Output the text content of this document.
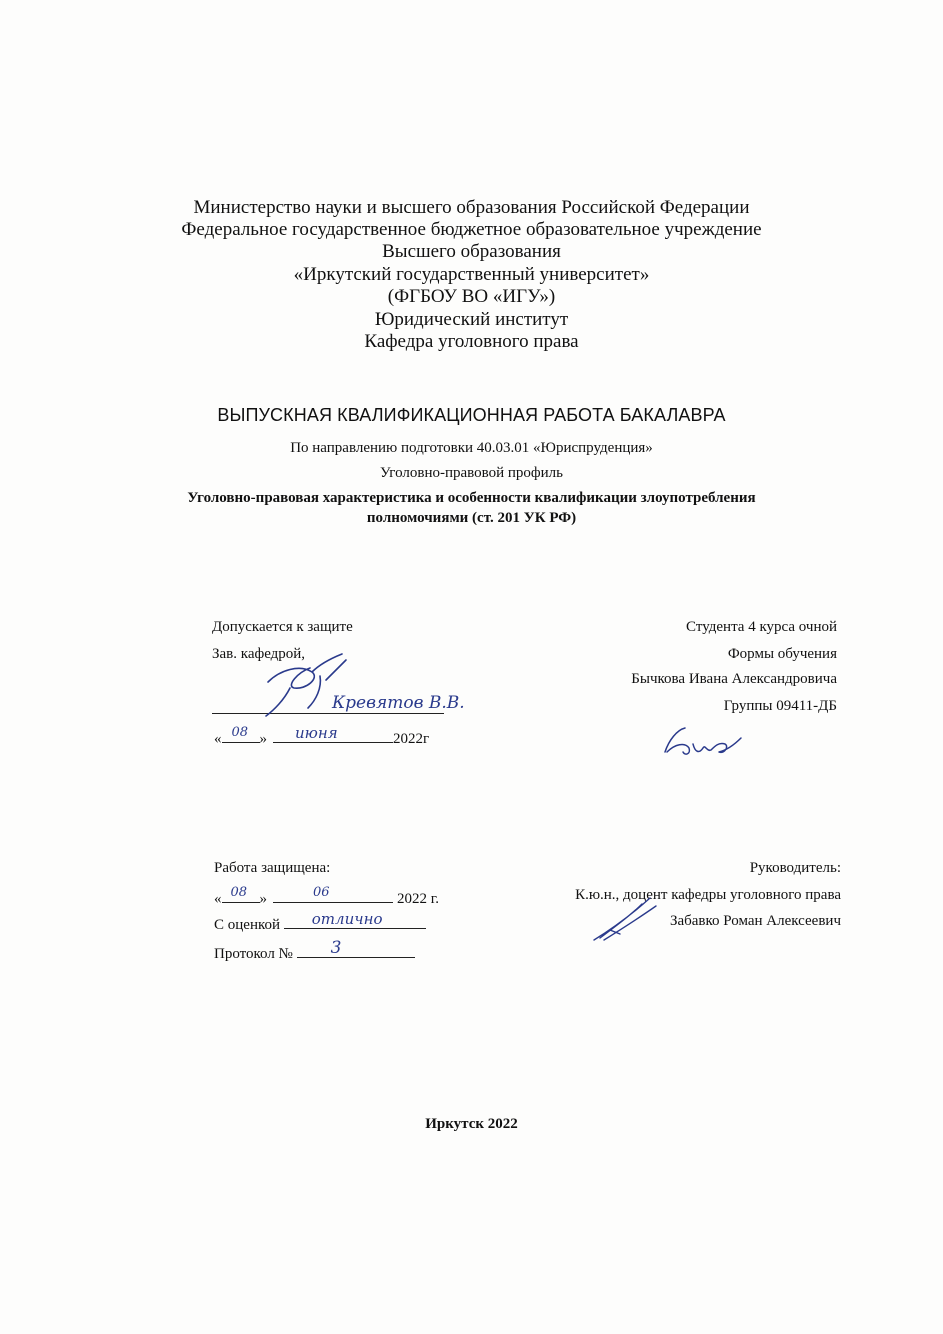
Министерство науки и высшего образования Российской Федерации
Федеральное государственное бюджетное образовательное учреждение
Высшего образования
«Иркутский государственный университет»
(ФГБОУ ВО «ИГУ»)
Юридический институт
Кафедра уголовного права
ВЫПУСКНАЯ КВАЛИФИКАЦИОННАЯ РАБОТА БАКАЛАВРА
По направлению подготовки 40.03.01 «Юриспруденция»
Уголовно-правовой профиль
Уголовно-правовая характеристика и особенности квалификации злоупотребления
полномочиями (ст. 201 УК РФ)
Допускается к защите
Зав. кафедрой,
Кревятов В.В.
« 08 » июня	2022г
Студента 4 курса очной
Формы обучения
Бычкова Ивана Александровича
Группы 09411-ДБ
Работа защищена:
« 08 »	06	2022 г.
С оценкой отлично
Протокол № 3
Руководитель:
К.ю.н., доцент кафедры уголовного права
Забавко Роман Алексеевич
Иркутск 2022
